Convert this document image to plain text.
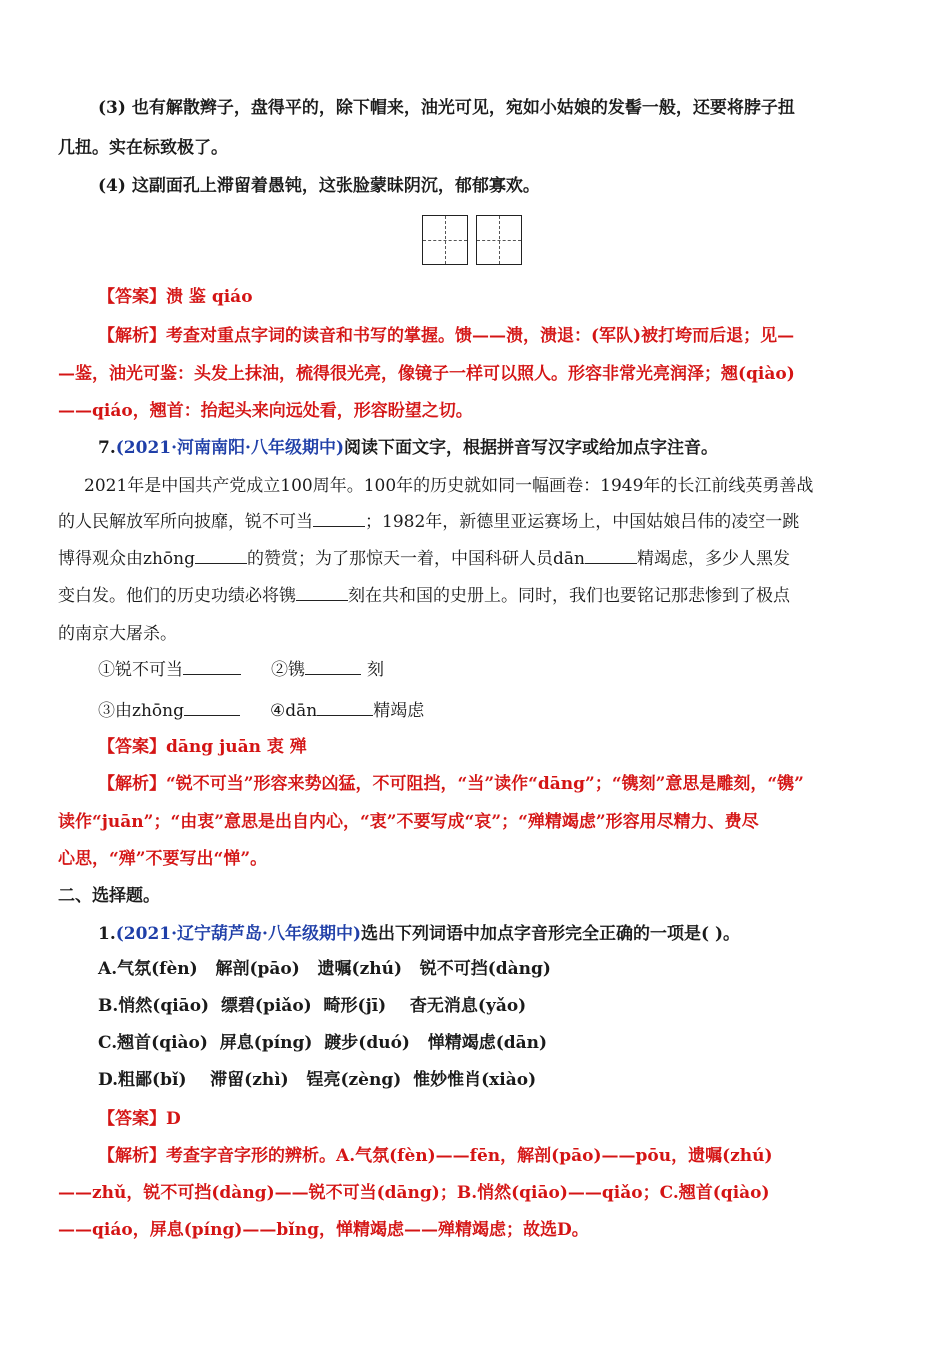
(3) 也有解散辫子，盘得平的，除下帽来，油光可见，宛如小姑娘的发髻一般，还要将脖子扭
几扭。实在标致极了。
(4) 这副面孔上滞留着愚钝，这张脸蒙昧阴沉，郁郁寡欢。
【答案】溃 鉴 qiáo
【解析】考查对重点字词的读音和书写的掌握。馈——溃，溃退：(军队)被打垮而后退；见—
—鉴，油光可鉴：头发上抹油，梳得很光亮，像镜子一样可以照人。形容非常光亮润泽；翘(qiào)
——qiáo，翘首：抬起头来向远处看，形容盼望之切。
7.(2021·河南南阳·八年级期中)阅读下面文字，根据拼音写汉字或给加点字注音。
2021年是中国共产党成立100周年。100年的历史就如同一幅画卷：1949年的长江前线英勇善战
的人民解放军所向披靡，锐不可当	；1982年，新德里亚运赛场上，中国姑娘吕伟的凌空一跳
博得观众由zhōng	的赞赏；为了那惊天一着，中国科研人员dān	精竭虑，多少人黑发
变白发。他们的历史功绩必将镌	刻在共和国的史册上。同时，我们也要铭记那悲惨到了极点
的南京大屠杀。
①锐不可当	②镌	刻
③由zhōng	④dān	精竭虑
【答案】dāng juān 衷 殚
【解析】“锐不可当”形容来势凶猛，不可阻挡，“当”读作“dāng”；“镌刻”意思是雕刻，“镌”
读作“juān”；“由衷”意思是出自内心，“衷”不要写成“哀”；“殚精竭虑”形容用尽精力、费尽
心思，“殚”不要写出“惮”。
二、选择题。
1.(2021·辽宁葫芦岛·八年级期中)选出下列词语中加点字音形完全正确的一项是( )。
A.气氛(fèn)   解剖(pāo)   遗嘱(zhú)   锐不可挡(dàng)
B.悄然(qiāo)  缥碧(piǎo)  畸形(jī)    杳无消息(yǎo)
C.翘首(qiào)  屏息(píng)  踱步(duó)   惮精竭虑(dān)
D.粗鄙(bǐ)    滞留(zhì)   锃亮(zèng)  惟妙惟肖(xiào)
【答案】D
【解析】考查字音字形的辨析。A.气氛(fèn)——fēn，解剖(pāo)——pōu，遗嘱(zhú)
——zhǔ，锐不可挡(dàng)——锐不可当(dāng)；B.悄然(qiāo)——qiǎo；C.翘首(qiào)
——qiáo，屏息(píng)——bǐng，惮精竭虑——殚精竭虑；故选D。
